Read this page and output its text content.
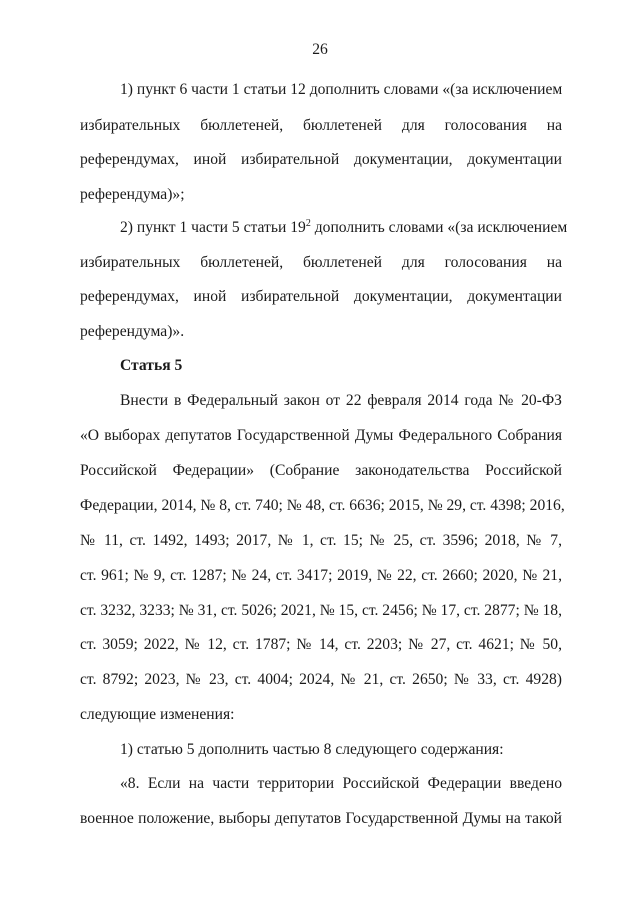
26
1) пункт 6 части 1 статьи 12 дополнить словами «(за исключением
избирательных бюллетеней, бюллетеней для голосования на
референдумах, иной избирательной документации, документации
референдума)»;
2) пункт 1 части 5 статьи $19^2$ дополнить словами «(за исключением
избирательных бюллетеней, бюллетеней для голосования на
референдумах, иной избирательной документации, документации
референдума)».
Статья 5
Внести в Федеральный закон от 22 февраля 2014 года № 20-ФЗ
«О выборах депутатов Государственной Думы Федерального Собрания
Российской Федерации» (Собрание законодательства Российской
Федерации, 2014, № 8, ст. 740; № 48, ст. 6636; 2015, № 29, ст. 4398; 2016,
№ 11, ст. 1492, 1493; 2017, № 1, ст. 15; № 25, ст. 3596; 2018, № 7,
ст. 961; № 9, ст. 1287; № 24, ст. 3417; 2019, № 22, ст. 2660; 2020, № 21,
ст. 3232, 3233; № 31, ст. 5026; 2021, № 15, ст. 2456; № 17, ст. 2877; № 18,
ст. 3059; 2022, № 12, ст. 1787; № 14, ст. 2203; № 27, ст. 4621; № 50,
ст. 8792; 2023, № 23, ст. 4004; 2024, № 21, ст. 2650; № 33, ст. 4928)
следующие изменения:
1) статью 5 дополнить частью 8 следующего содержания:
«8. Если на части территории Российской Федерации введено
военное положение, выборы депутатов Государственной Думы на такой
